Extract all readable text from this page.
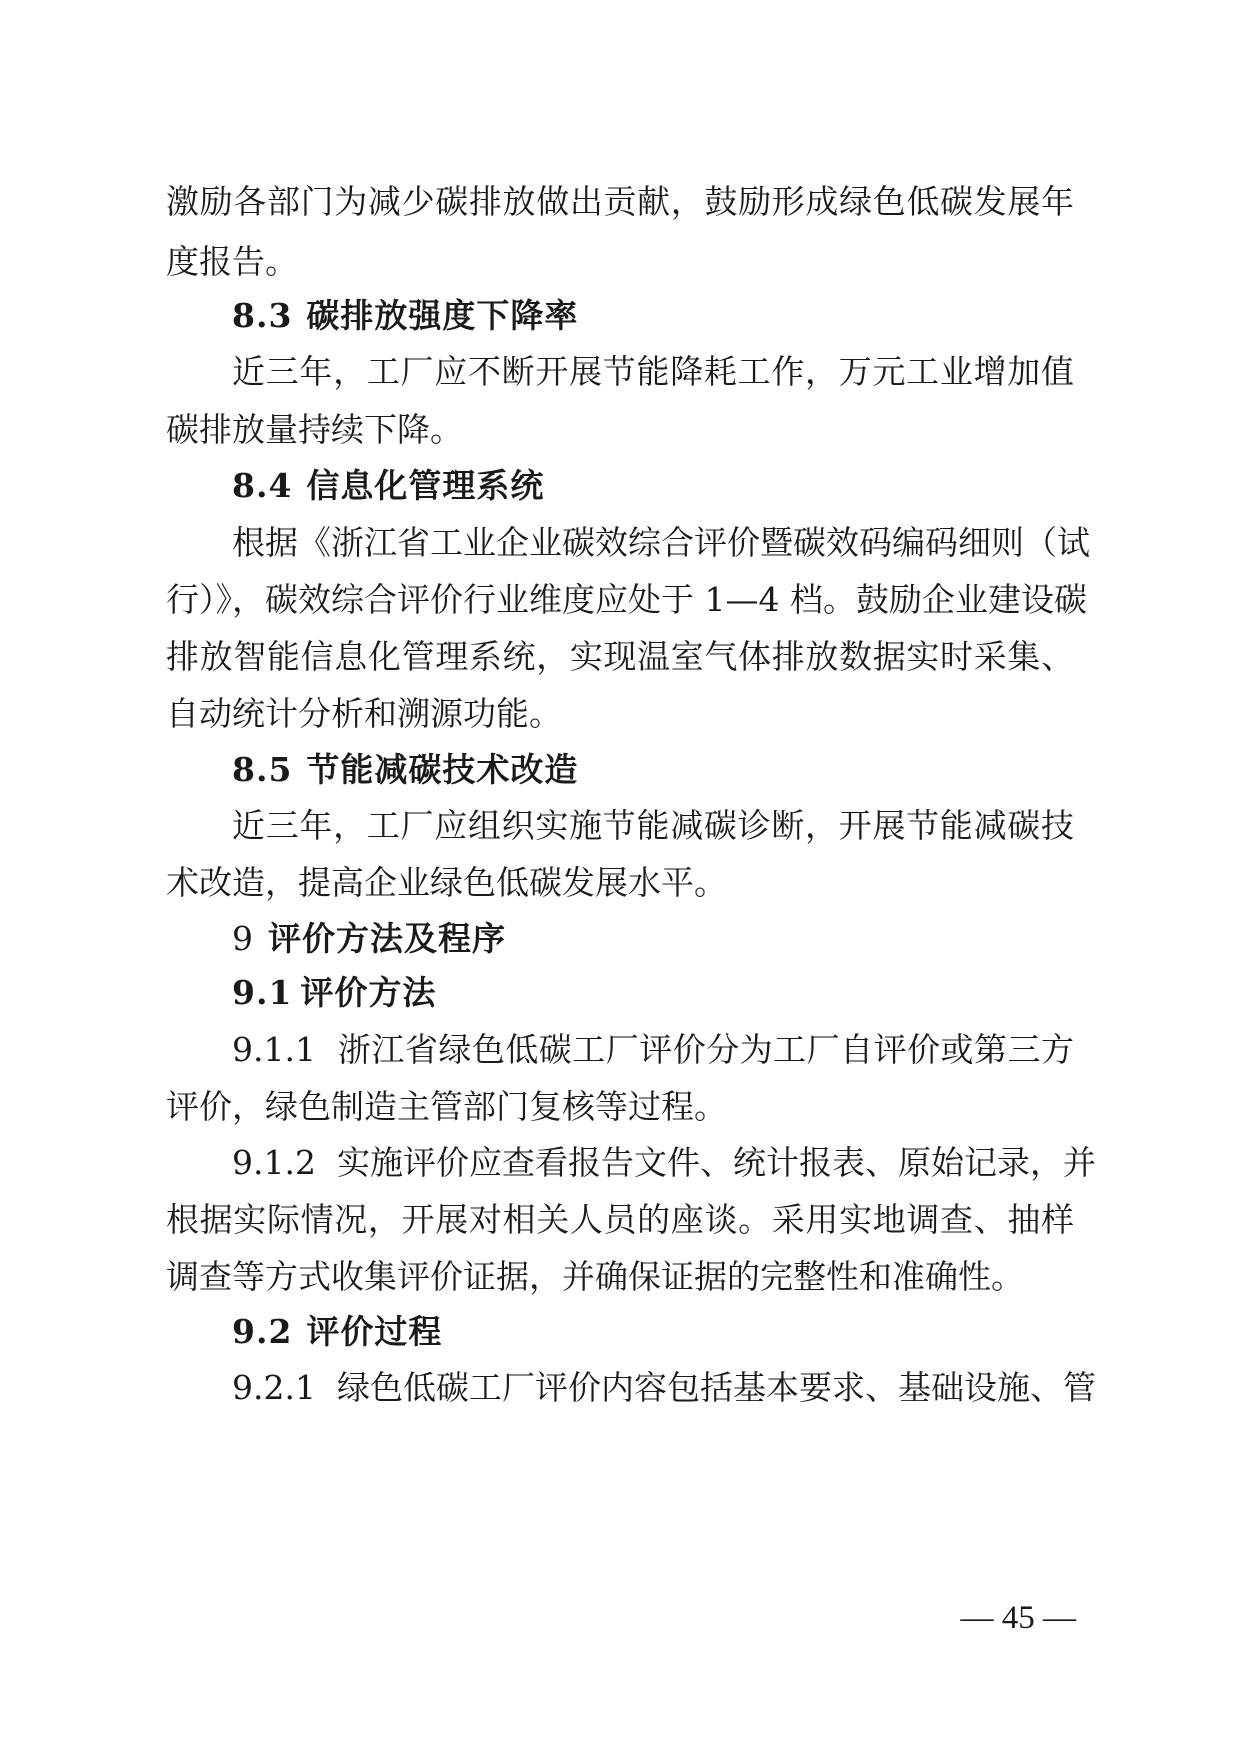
激励各部门为减少碳排放做出贡献，鼓励形成绿色低碳发展年
度报告。
8.3 碳排放强度下降率
近三年，工厂应不断开展节能降耗工作，万元工业增加值
碳排放量持续下降。
8.4 信息化管理系统
根据《浙江省工业企业碳效综合评价暨碳效码编码细则（试
行）》，碳效综合评价行业维度应处于 1—4 档。鼓励企业建设碳
排放智能信息化管理系统，实现温室气体排放数据实时采集、
自动统计分析和溯源功能。
8.5 节能减碳技术改造
近三年，工厂应组织实施节能减碳诊断，开展节能减碳技
术改造，提高企业绿色低碳发展水平。
9 评价方法及程序
9.1 评价方法
9.1.1  浙江省绿色低碳工厂评价分为工厂自评价或第三方
评价，绿色制造主管部门复核等过程。
9.1.2  实施评价应查看报告文件、统计报表、原始记录，并
根据实际情况，开展对相关人员的座谈。采用实地调查、抽样
调查等方式收集评价证据，并确保证据的完整性和准确性。
9.2 评价过程
9.2.1  绿色低碳工厂评价内容包括基本要求、基础设施、管
— 45 —
